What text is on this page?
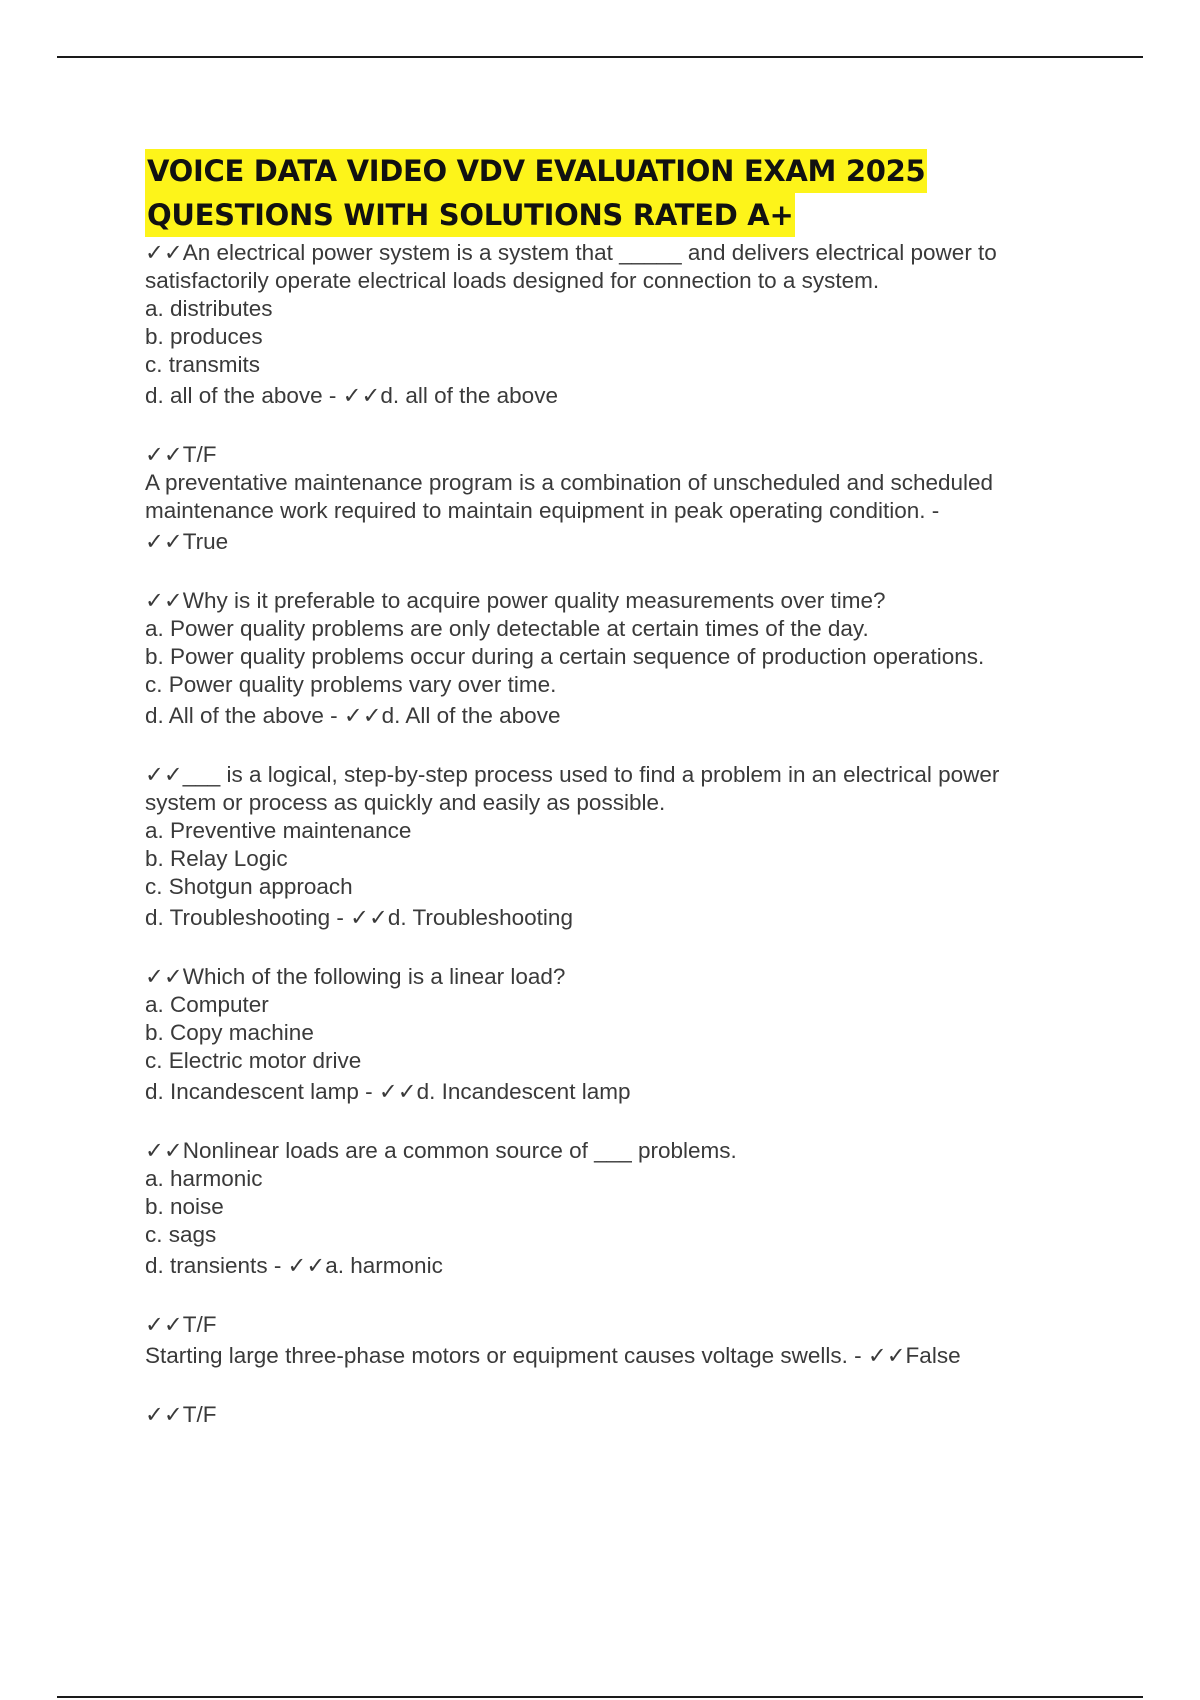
VOICE DATA VIDEO VDV EVALUATION EXAM 2025
QUESTIONS WITH SOLUTIONS RATED A+
✓✓An electrical power system is a system that _____ and delivers electrical power to
satisfactorily operate electrical loads designed for connection to a system.
a. distributes
b. produces
c. transmits
d. all of the above - ✓✓d. all of the above
✓✓T/F
A preventative maintenance program is a combination of unscheduled and scheduled
maintenance work required to maintain equipment in peak operating condition. -
✓✓True
✓✓Why is it preferable to acquire power quality measurements over time?
a. Power quality problems are only detectable at certain times of the day.
b. Power quality problems occur during a certain sequence of production operations.
c. Power quality problems vary over time.
d. All of the above - ✓✓d. All of the above
✓✓___ is a logical, step-by-step process used to find a problem in an electrical power
system or process as quickly and easily as possible.
a. Preventive maintenance
b. Relay Logic
c. Shotgun approach
d. Troubleshooting - ✓✓d. Troubleshooting
✓✓Which of the following is a linear load?
a. Computer
b. Copy machine
c. Electric motor drive
d. Incandescent lamp - ✓✓d. Incandescent lamp
✓✓Nonlinear loads are a common source of ___ problems.
a. harmonic
b. noise
c. sags
d. transients - ✓✓a. harmonic
✓✓T/F
Starting large three-phase motors or equipment causes voltage swells. - ✓✓False
✓✓T/F
